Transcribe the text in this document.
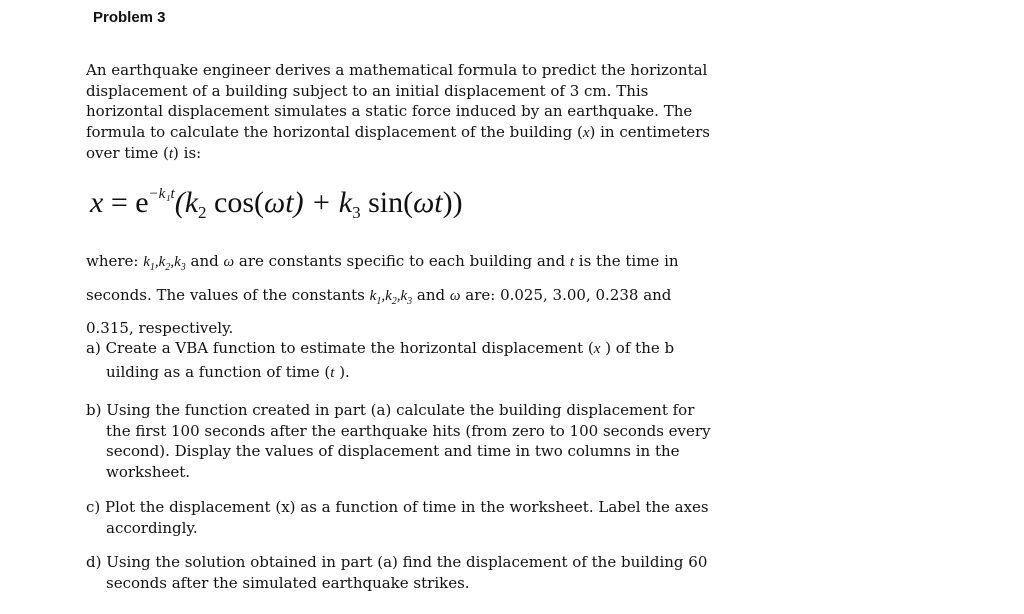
Problem 3
An earthquake engineer derives a mathematical formula to predict the horizontal displacement of a building subject to an initial displacement of 3 cm. This horizontal displacement simulates a static force induced by an earthquake. The formula to calculate the horizontal displacement of the building (x) in centimeters over time (t) is:
$x = e^{-k_1t}(k_2$ $\cos(\omega t) + k_3$ sin(ωt))
where: $k_1,k_2,k_3$ and ω are constants specific to each building and t is the time in seconds. The values of the constants $k_1,k_2,k_3$ and ω are: 0.025, 3.00, 0.238 and 0.315, respectively.
a) Create a VBA function to estimate the horizontal displacement (x ) of the b uilding as a function of time (t ).
b) Using the function created in part (a) calculate the building displacement for the first 100 seconds after the earthquake hits (from zero to 100 seconds every second). Display the values of displacement and time in two columns in the worksheet.
c) Plot the displacement (x) as a function of time in the worksheet. Label the axes accordingly.
d) Using the solution obtained in part (a) find the displacement of the building 60 seconds after the simulated earthquake strikes.
